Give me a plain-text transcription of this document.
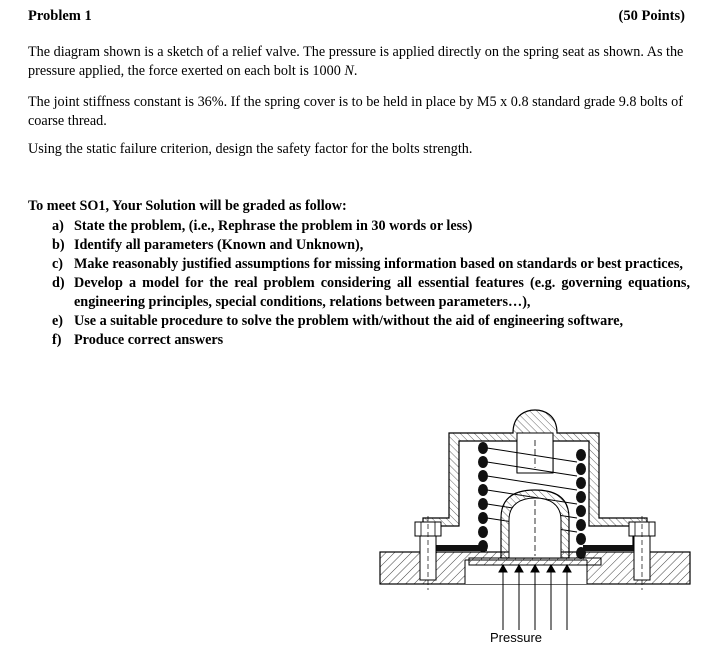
Problem 1	(50 Points)
The diagram shown is a sketch of a relief valve. The pressure is applied directly on the spring seat as shown. As the pressure applied, the force exerted on each bolt is 1000 N.
The joint stiffness constant is 36%. If the spring cover is to be held in place by M5 x 0.8 standard grade 9.8 bolts of coarse thread.
Using the static failure criterion, design the safety factor for the bolts strength.
To meet SO1, Your Solution will be graded as follow:
a) State the problem, (i.e., Rephrase the problem in 30 words or less)
b) Identify all parameters (Known and Unknown),
c) Make reasonably justified assumptions for missing information based on standards or best practices,
d) Develop a model for the real problem considering all essential features (e.g. governing equations, engineering principles, special conditions, relations between parameters…),
e) Use a suitable procedure to solve the problem with/without the aid of engineering software,
f) Produce correct answers
Pressure
